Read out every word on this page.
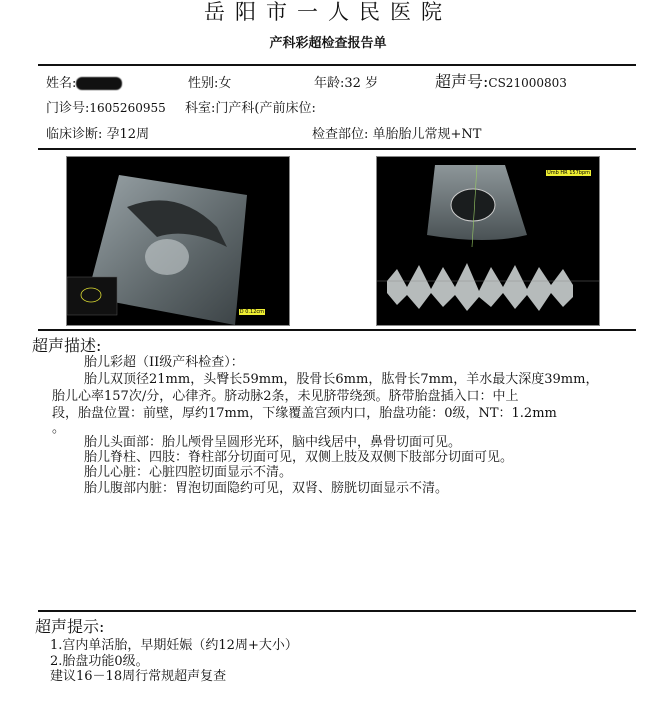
岳阳市一人民医院
产科彩超检查报告单
姓名:	性别:女	年龄:32 岁	超声号:CS21000803
门诊号:1605260955 科室:门产科(产前床位:
临床诊断: 孕12周	检查部位: 单胎胎儿常规+NT
D 0.12cm
Umb HR 157bpm
超声描述:
胎儿彩超（II级产科检查）：
胎儿双顶径21mm，头臀长59mm，股骨长6mm，肱骨长7mm，羊水最大深度39mm，
胎儿心率157次/分，心律齐。脐动脉2条，未见脐带绕颈。脐带胎盘插入口：中上
段，胎盘位置：前壁，厚约17mm，下缘覆盖宫颈内口，胎盘功能：0级，NT：1.2mm
。
胎儿头面部：胎儿颅骨呈圆形光环，脑中线居中，鼻骨切面可见。
胎儿脊柱、四肢：脊柱部分切面可见，双侧上肢及双侧下肢部分切面可见。
胎儿心脏：心脏四腔切面显示不清。
胎儿腹部内脏：胃泡切面隐约可见，双肾、膀胱切面显示不清。
超声提示:
1.宫内单活胎，早期妊娠（约12周+大小）
2.胎盘功能0级。
建议16－18周行常规超声复查
